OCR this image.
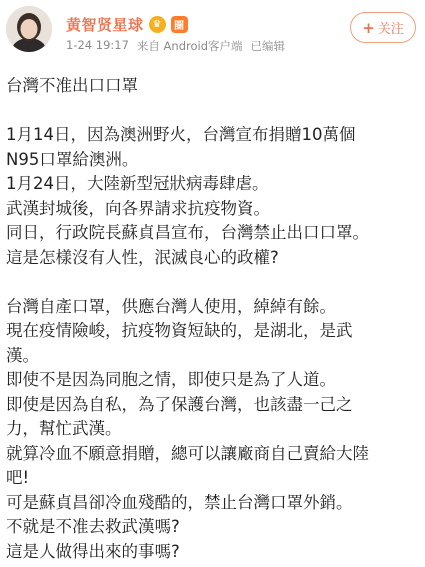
黄智贤星球 ♛	圈
1-24 19:17 来自 Android客户端 已编辑
+ 关注

台灣不准出口口罩

1月14日，因為澳洲野火，台灣宣布捐贈10萬個

N95口罩給澳洲。

1月24日，大陸新型冠狀病毒肆虐。

武漢封城後，向各界請求抗疫物資。

同日，行政院長蘇貞昌宣布，台灣禁止出口口罩。

這是怎樣沒有人性，泯滅良心的政權?

台灣自產口罩，供應台灣人使用，綽綽有餘。

現在疫情險峻，抗疫物資短缺的，是湖北，是武

漢。

即使不是因為同胞之情，即使只是為了人道。

即使是因為自私，為了保護台灣，也該盡一己之

力，幫忙武漢。

就算冷血不願意捐贈，總可以讓廠商自己賣給大陸

吧!

可是蘇貞昌卻冷血殘酷的，禁止台灣口罩外銷。

不就是不准去救武漢嗎?

這是人做得出來的事嗎?
